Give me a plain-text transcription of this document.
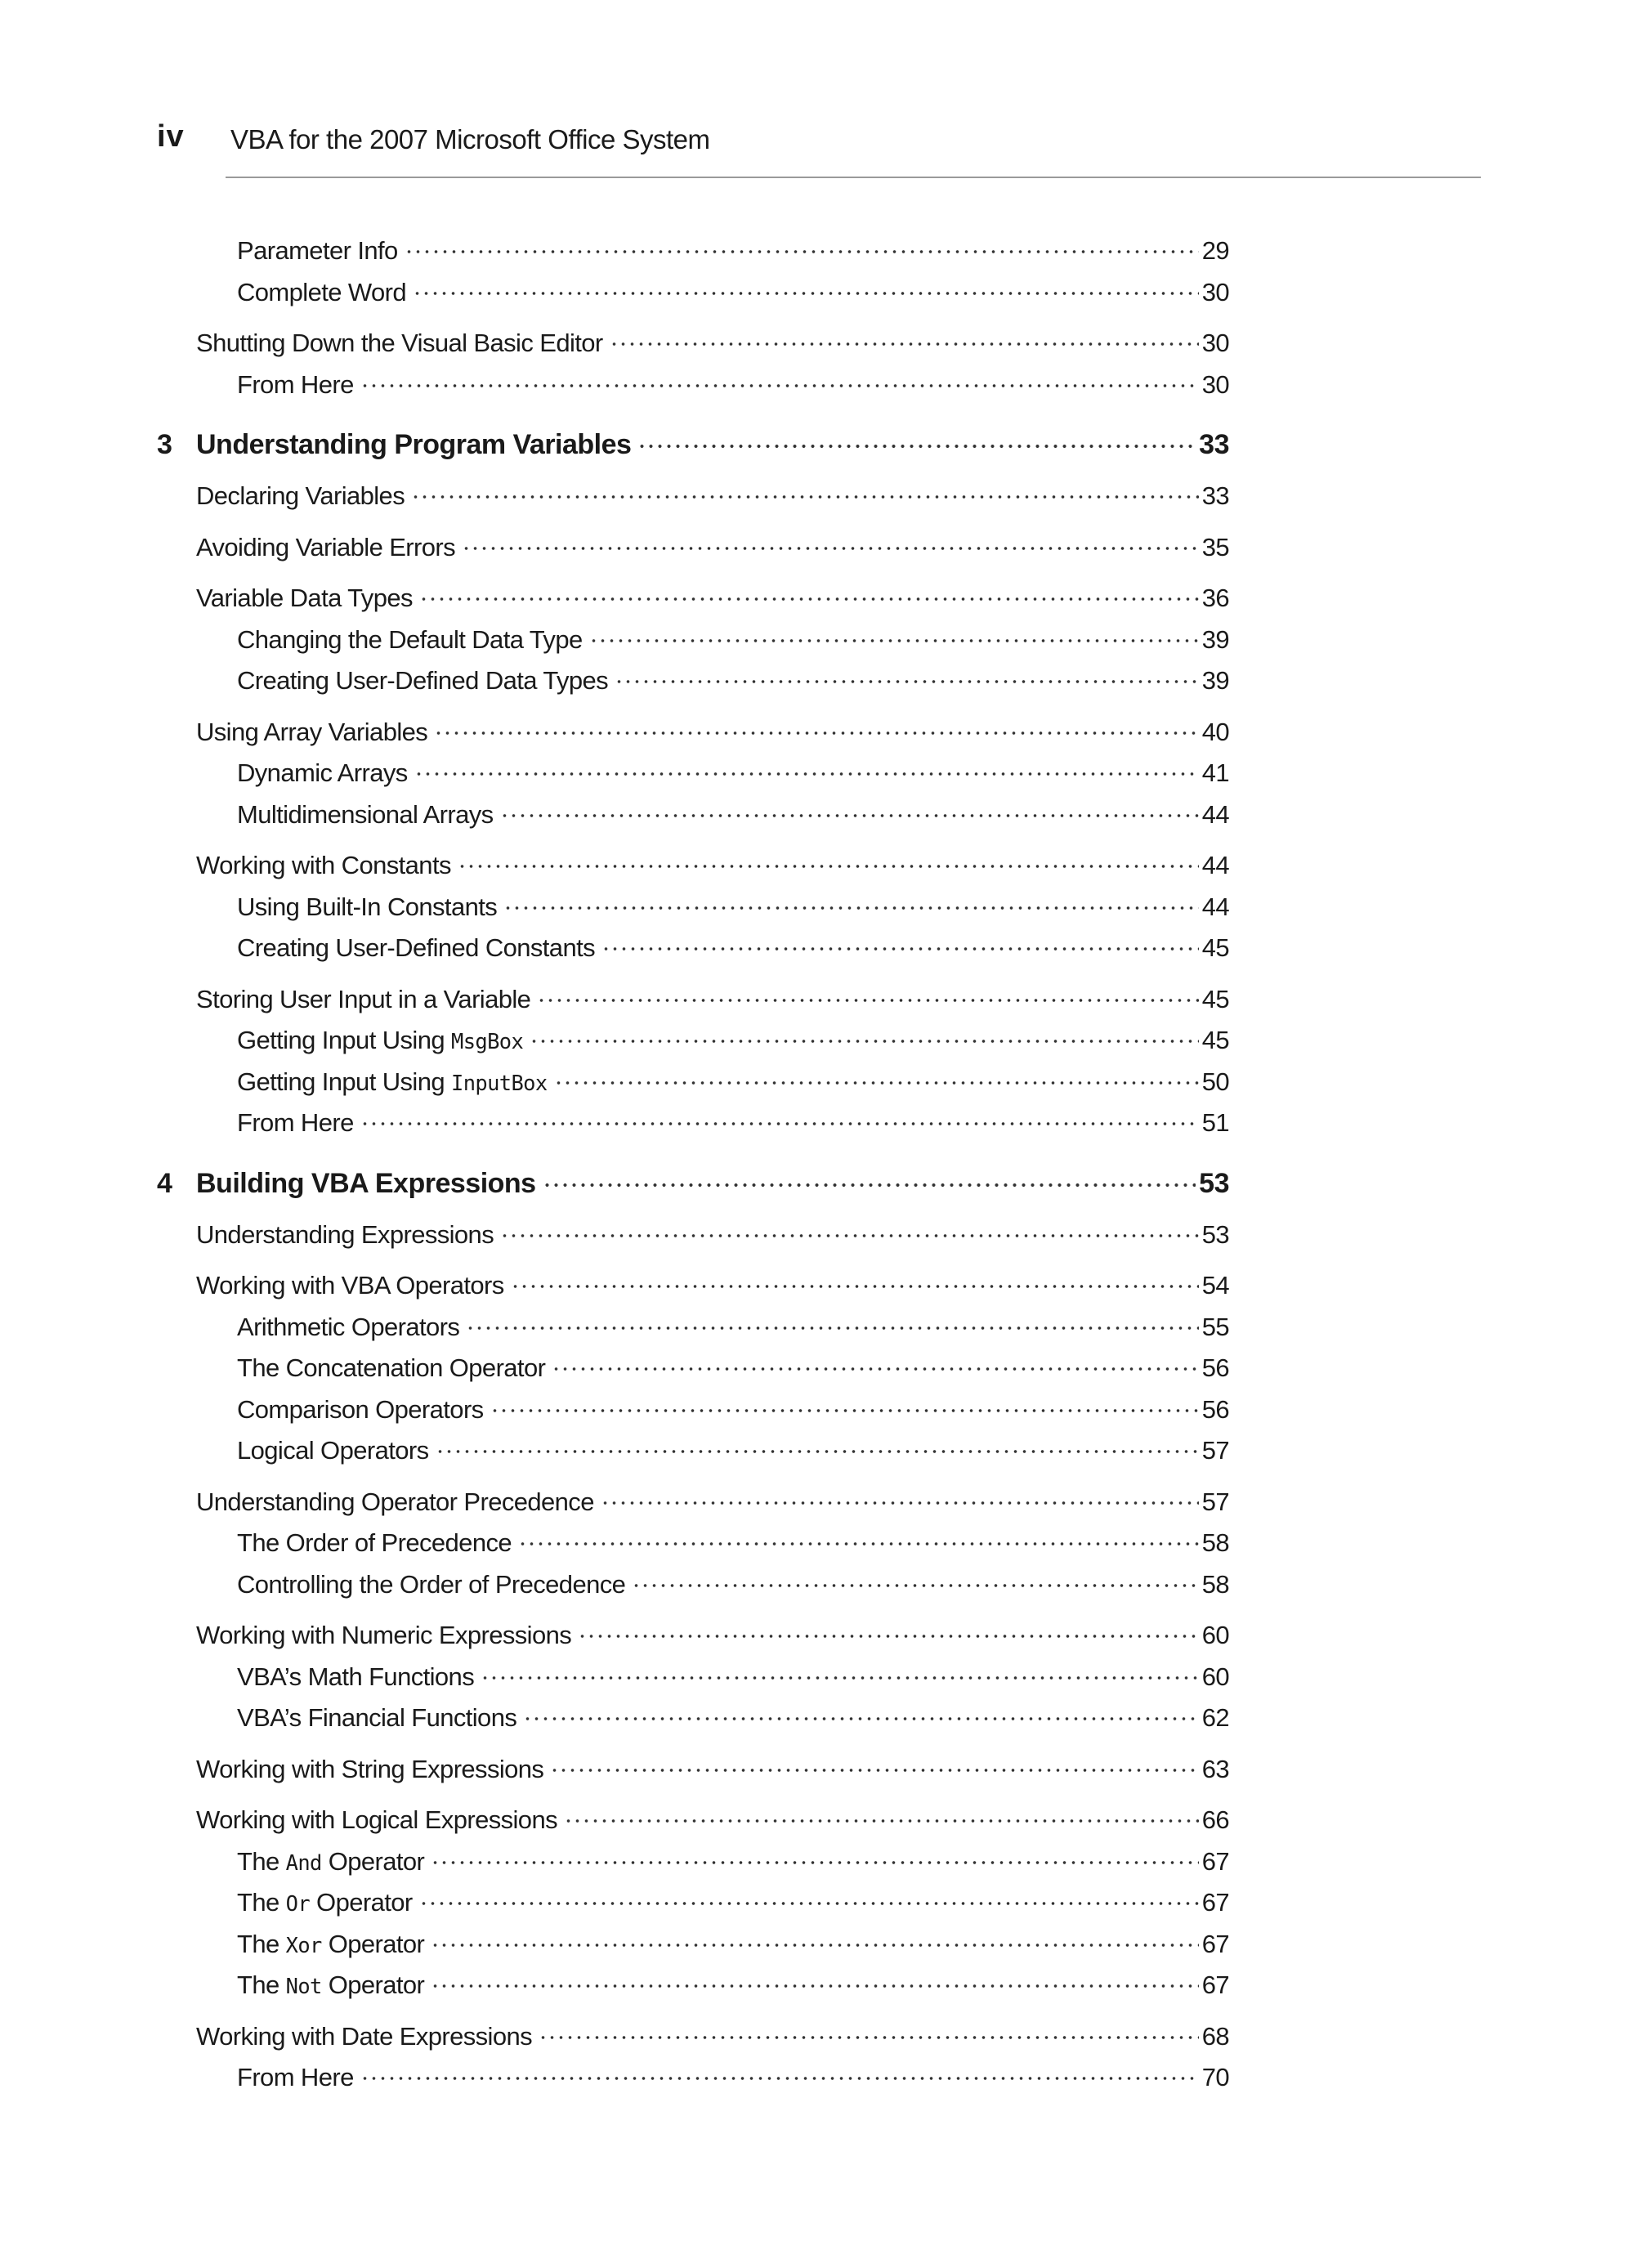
iv VBA for the 2007 Microsoft Office System
Parameter Info	29
Complete Word	30
Shutting Down the Visual Basic Editor	30
From Here	30
3 Understanding Program Variables	33
Declaring Variables	33
Avoiding Variable Errors	35
Variable Data Types	36
Changing the Default Data Type	39
Creating User-Defined Data Types	39
Using Array Variables	40
Dynamic Arrays	41
Multidimensional Arrays	44
Working with Constants	44
Using Built-In Constants	44
Creating User-Defined Constants	45
Storing User Input in a Variable	45
Getting Input Using MsgBox	45
Getting Input Using InputBox	50
From Here	51
4 Building VBA Expressions	53
Understanding Expressions	53
Working with VBA Operators	54
Arithmetic Operators	55
The Concatenation Operator	56
Comparison Operators	56
Logical Operators	57
Understanding Operator Precedence	57
The Order of Precedence	58
Controlling the Order of Precedence	58
Working with Numeric Expressions	60
VBA’s Math Functions	60
VBA’s Financial Functions	62
Working with String Expressions	63
Working with Logical Expressions	66
The And Operator	67
The Or Operator	67
The Xor Operator	67
The Not Operator	67
Working with Date Expressions	68
From Here	70
